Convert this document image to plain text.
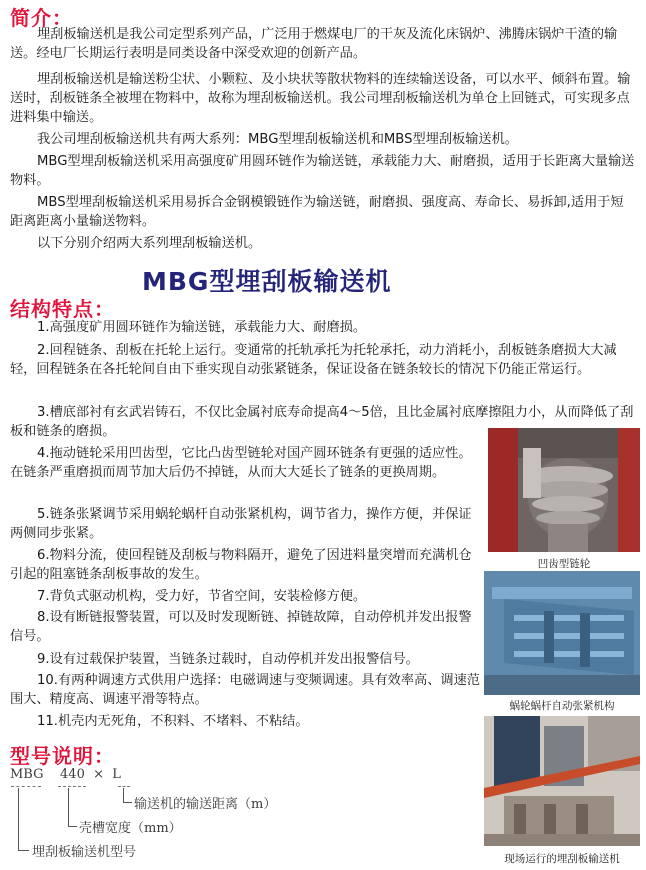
简介：

埋刮板输送机是我公司定型系列产品，广泛用于燃煤电厂的干灰及流化床锅炉、沸腾床锅炉干渣的输送。经电厂长期运行表明是同类设备中深受欢迎的创新产品。

埋刮板输送机是输送粉尘状、小颗粒、及小块状等散状物料的连续输送设备，可以水平、倾斜布置。输送时，刮板链条全被埋在物料中，故称为埋刮板输送机。我公司埋刮板输送机为单仓上回链式，可实现多点进料集中输送。

我公司埋刮板输送机共有两大系列：MBG型埋刮板输送机和MBS型埋刮板输送机。

MBG型埋刮板输送机采用高强度矿用圆环链作为输送链，承载能力大、耐磨损，适用于长距离大量输送物料。

MBS型埋刮板输送机采用易拆合金钢模锻链作为输送链，耐磨损、强度高、寿命长、易拆卸,适用于短距离距离小量输送物料。

以下分别介绍两大系列埋刮板输送机。

MBG型埋刮板输送机
结构特点：

1.高强度矿用圆环链作为输送链，承载能力大、耐磨损。

2.回程链条、刮板在托轮上运行。变通常的托轨承托为托轮承托，动力消耗小，刮板链条磨损大大减轻，回程链条在各托轮间自由下垂实现自动张紧链条，保证设备在链条较长的情况下仍能正常运行。

3.槽底部衬有玄武岩铸石，不仅比金属衬底寿命提高4～5倍，且比金属衬底摩擦阻力小，从而降低了刮板和链条的磨损。

4.拖动链轮采用凹齿型，它比凸齿型链轮对国产圆环链条有更强的适应性。在链条严重磨损而周节加大后仍不掉链，从而大大延长了链条的更换周期。

5.链条张紧调节采用蜗轮蜗杆自动张紧机构，调节省力，操作方便，并保证两侧同步张紧。

6.物料分流，使回程链及刮板与物料隔开，避免了因进料量突增而充满机仓引起的阻塞链条刮板事故的发生。

7.背负式驱动机构，受力好，节省空间，安装检修方便。

8.设有断链报警装置，可以及时发现断链、掉链故障，自动停机并发出报警信号。

9.设有过载保护装置，当链条过载时，自动停机并发出报警信号。

10.有两种调速方式供用户选择：电磁调速与变频调速。具有效率高、调速范围大、精度高、调速平滑等特点。

11.机壳内无死角，不积料、不堵料、不粘结。

型号说明：
MBG 440 × L
输送机的输送距离（m）
壳槽宽度（mm）
埋刮板输送机型号
凹齿型链轮
蜗轮蜗杆自动张紧机构
现场运行的埋刮板输送机
